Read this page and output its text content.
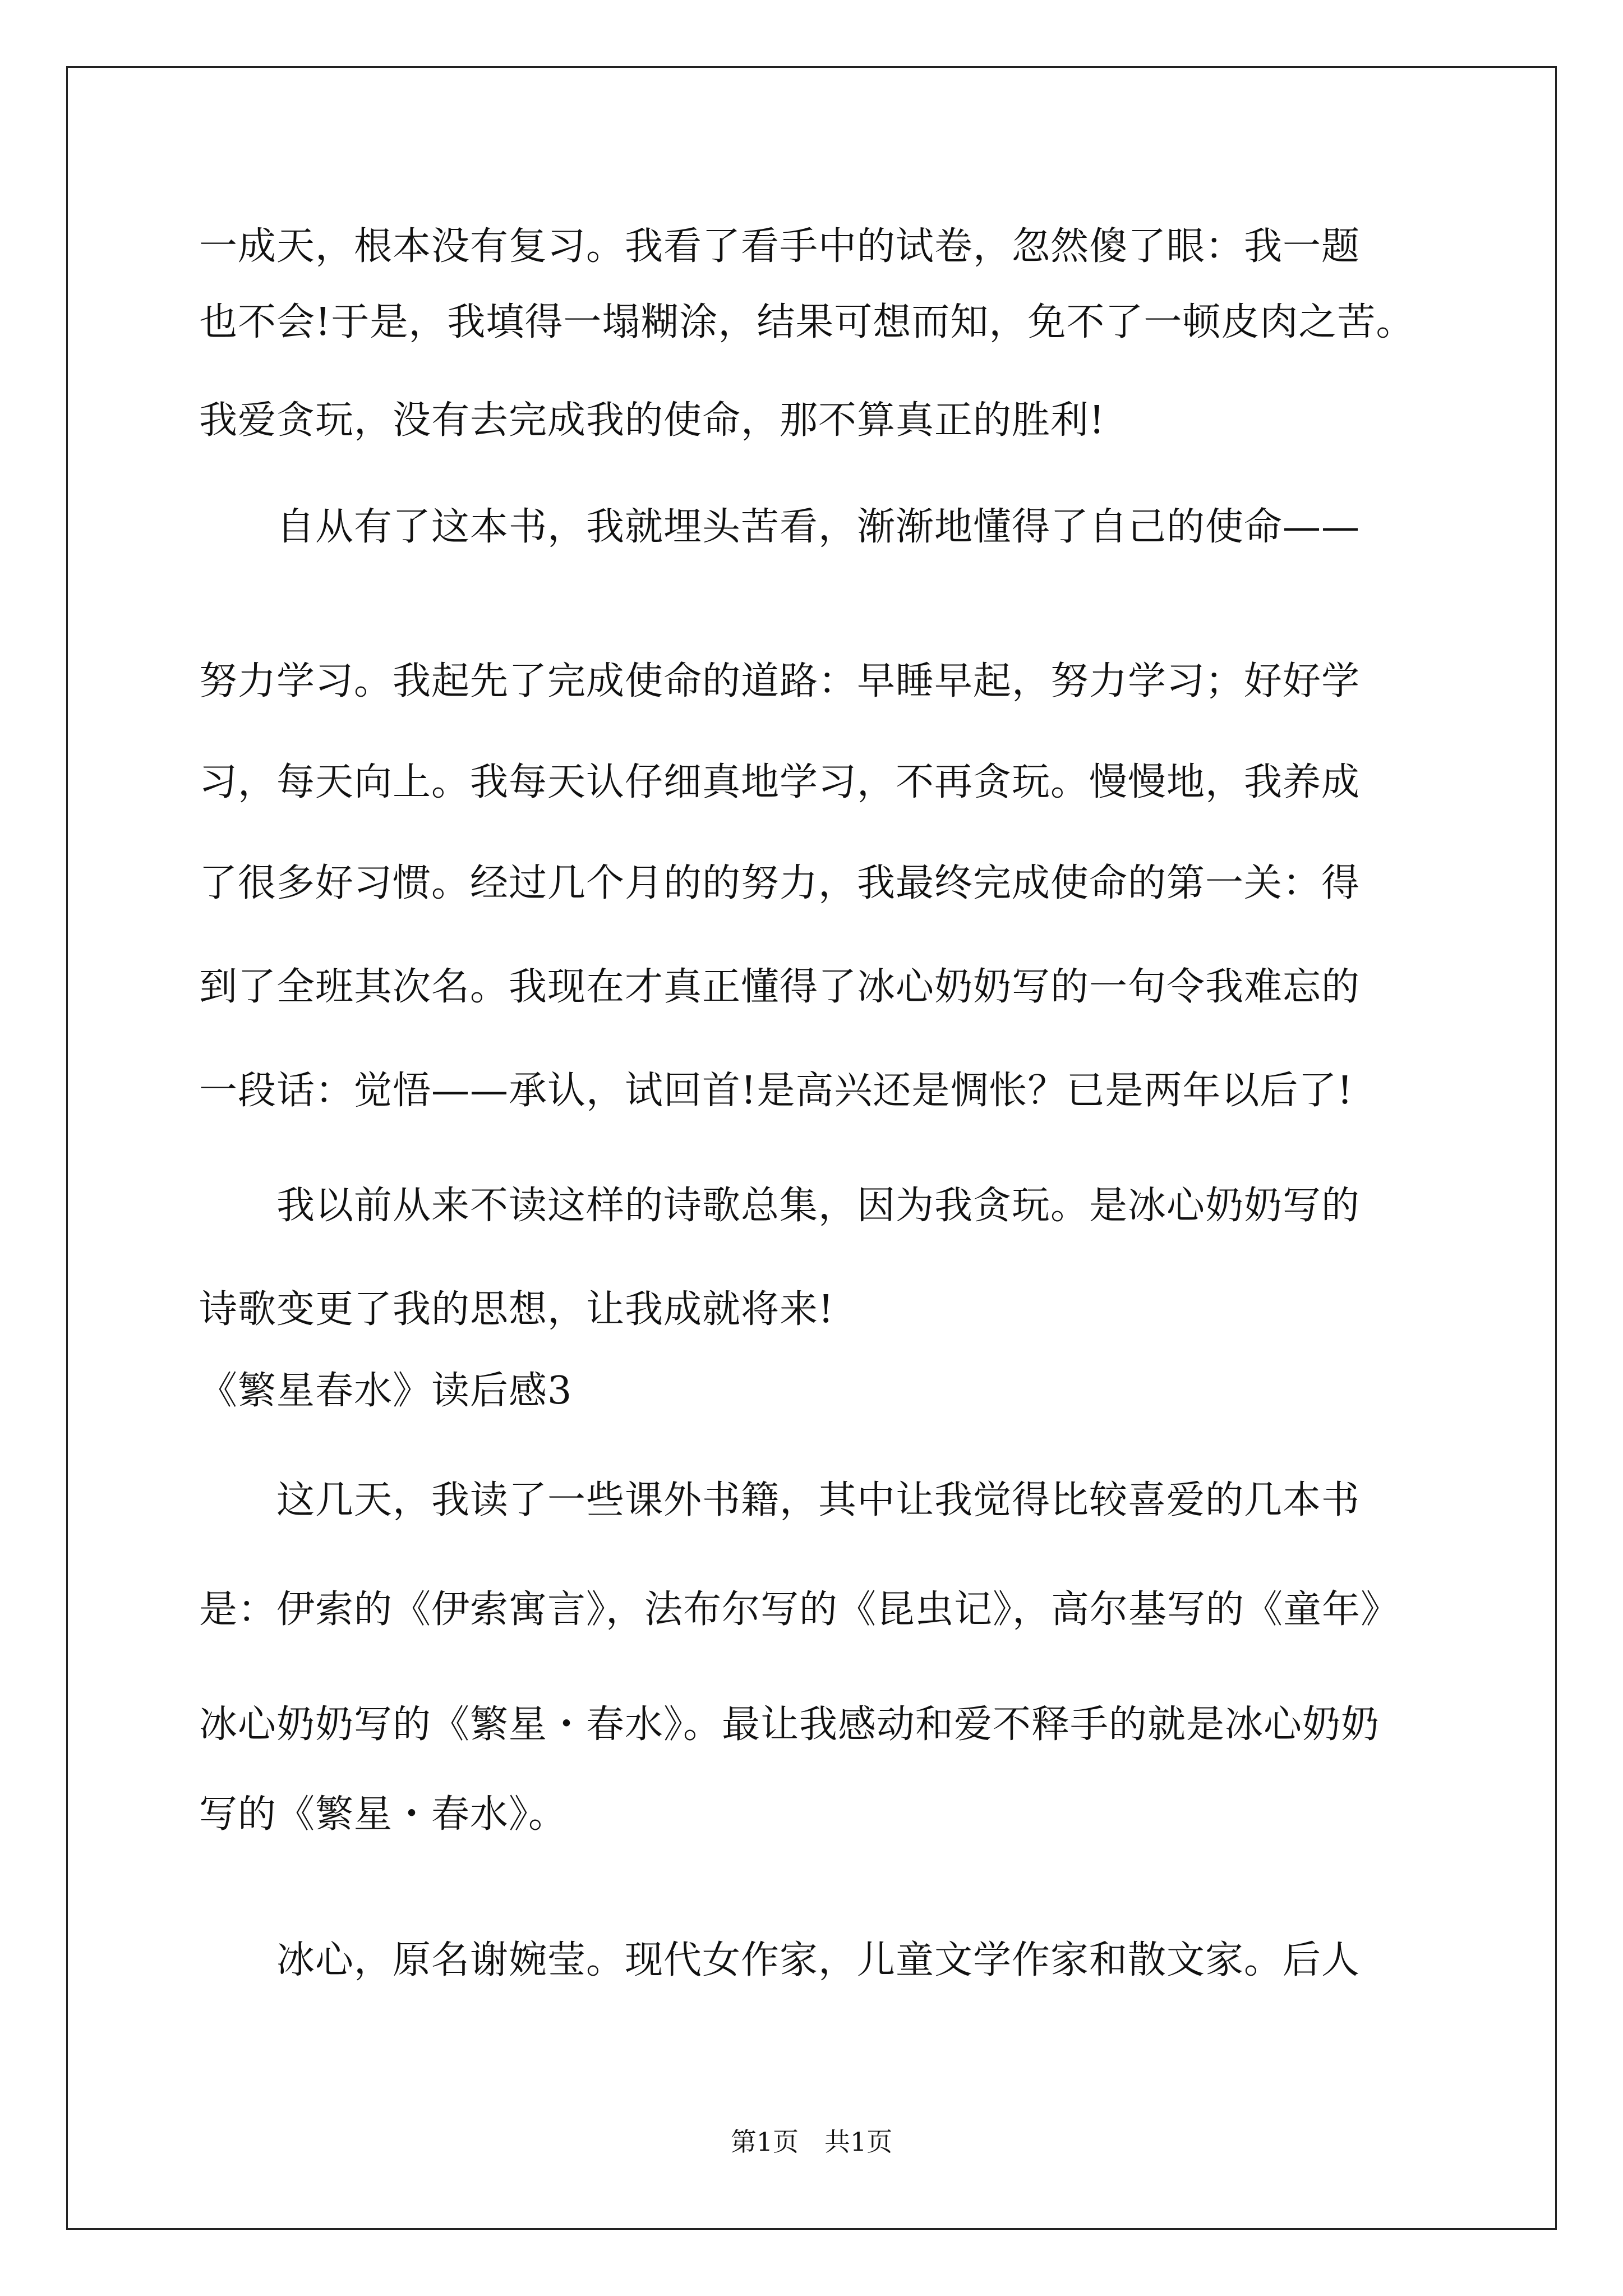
一成天，根本没有复习。我看了看手中的试卷，忽然傻了眼：我一题
也不会!于是，我填得一塌糊涂，结果可想而知，免不了一顿皮肉之苦。
我爱贪玩，没有去完成我的使命，那不算真正的胜利!
　　自从有了这本书，我就埋头苦看，渐渐地懂得了自己的使命——
努力学习。我起先了完成使命的道路：早睡早起，努力学习；好好学
习，每天向上。我每天认仔细真地学习，不再贪玩。慢慢地，我养成
了很多好习惯。经过几个月的的努力，我最终完成使命的第一关：得
到了全班其次名。我现在才真正懂得了冰心奶奶写的一句令我难忘的
一段话：觉悟——承认，试回首!是高兴还是惆怅？已是两年以后了!
　　我以前从来不读这样的诗歌总集，因为我贪玩。是冰心奶奶写的
诗歌变更了我的思想，让我成就将来!
《繁星春水》读后感3
　　这几天，我读了一些课外书籍，其中让我觉得比较喜爱的几本书
是：伊索的《伊索寓言》，法布尔写的《昆虫记》，高尔基写的《童年》
冰心奶奶写的《繁星・春水》。最让我感动和爱不释手的就是冰心奶奶
写的《繁星・春水》。
　　冰心，原名谢婉莹。现代女作家，儿童文学作家和散文家。后人
第1页　共1页
